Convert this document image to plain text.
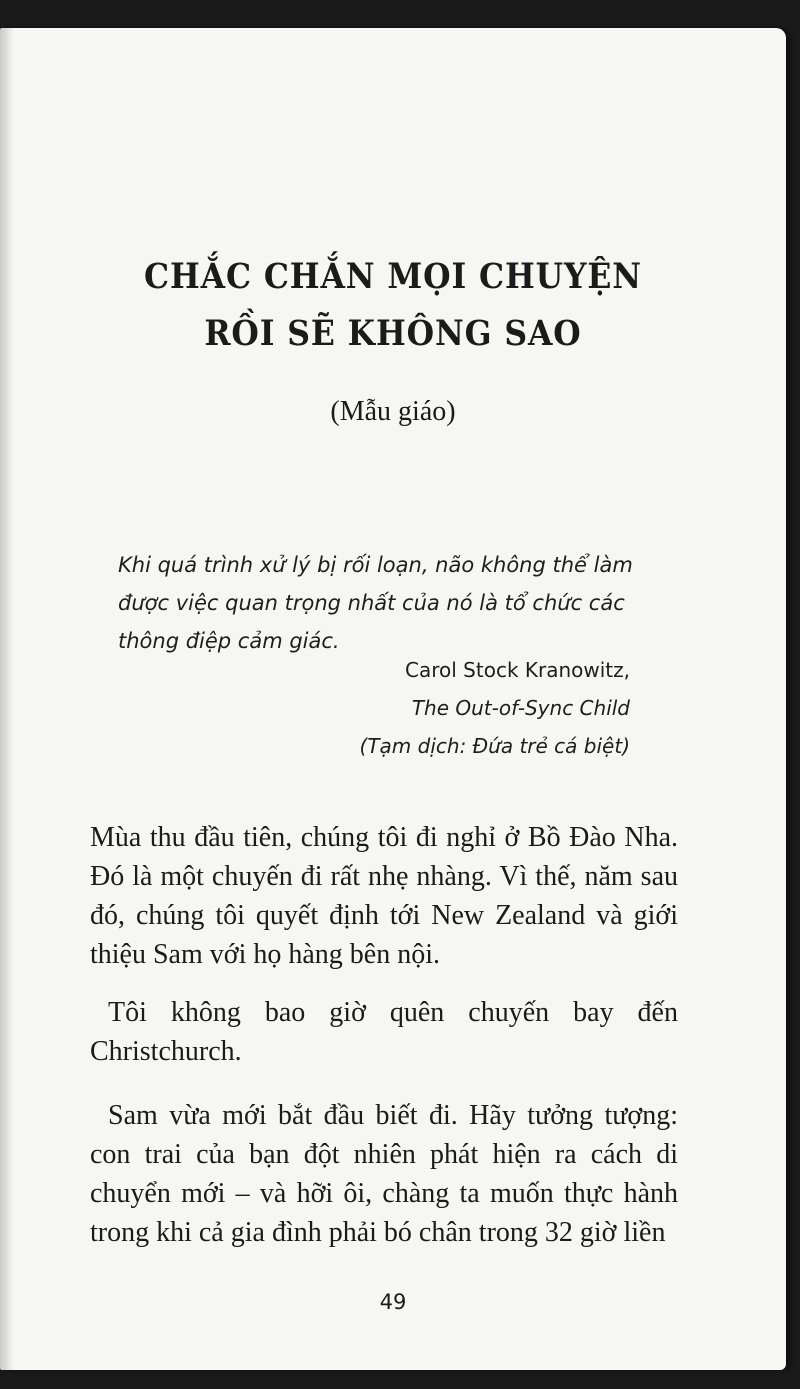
CHẮC CHẮN MỌI CHUYỆN
RỒI SẼ KHÔNG SAO

(Mẫu giáo)

Khi quá trình xử lý bị rối loạn, não không thể làm được việc quan trọng nhất của nó là tổ chức các thông điệp cảm giác.

Carol Stock Kranowitz,

The Out-of-Sync Child

(Tạm dịch: Đứa trẻ cá biệt)

Mùa thu đầu tiên, chúng tôi đi nghỉ ở Bồ Đào Nha. Đó là một chuyến đi rất nhẹ nhàng. Vì thế, năm sau đó, chúng tôi quyết định tới New Zealand và giới thiệu Sam với họ hàng bên nội.

Tôi không bao giờ quên chuyến bay đến Christchurch.

Sam vừa mới bắt đầu biết đi. Hãy tưởng tượng: con trai của bạn đột nhiên phát hiện ra cách di chuyển mới – và hỡi ôi, chàng ta muốn thực hành trong khi cả gia đình phải bó chân trong 32 giờ liền

49
